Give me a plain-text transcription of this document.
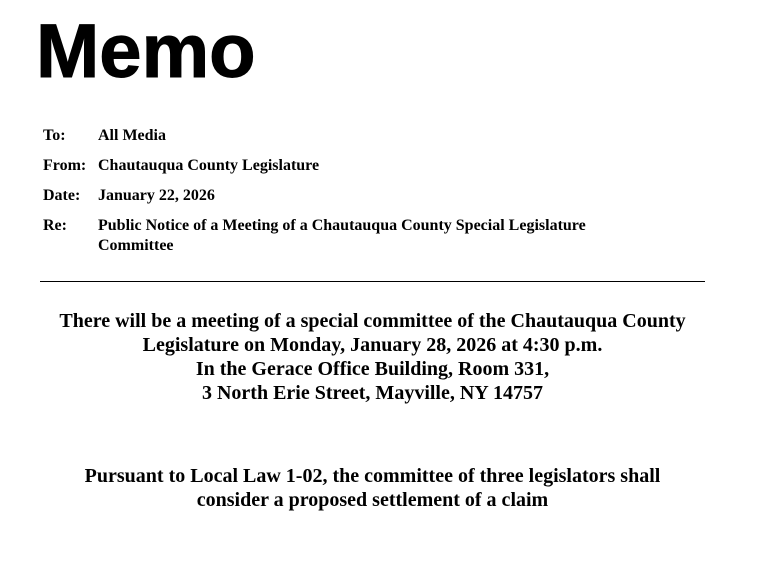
Memo
To:	All Media
From: Chautauqua County Legislature
Date:	January 22, 2026
Re:	Public Notice of a Meeting of a Chautauqua County Special Legislature
Committee
There will be a meeting of a special committee of the Chautauqua County
Legislature on Monday, January 28, 2026 at 4:30 p.m.
In the Gerace Office Building, Room 331,
3 North Erie Street, Mayville, NY 14757
Pursuant to Local Law 1-02, the committee of three legislators shall
consider a proposed settlement of a claim
